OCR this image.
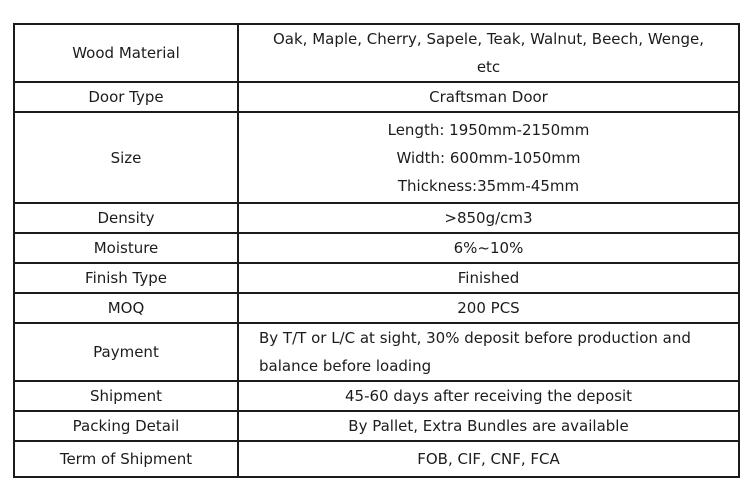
Wood Material	Oak, Maple, Cherry, Sapele, Teak, Walnut, Beech, Wenge,
etc

Door Type	Craftsman Door

Size	Length: 1950mm-2150mm
Width: 600mm-1050mm
Thickness:35mm-45mm

Density	>850g/cm3

Moisture	6%~10%

Finish Type	Finished

MOQ	200 PCS

Payment	By T/T or L/C at sight, 30% deposit before production and
balance before loading

Shipment	45-60 days after receiving the deposit

Packing Detail	By Pallet, Extra Bundles are available

Term of Shipment	FOB, CIF, CNF, FCA
